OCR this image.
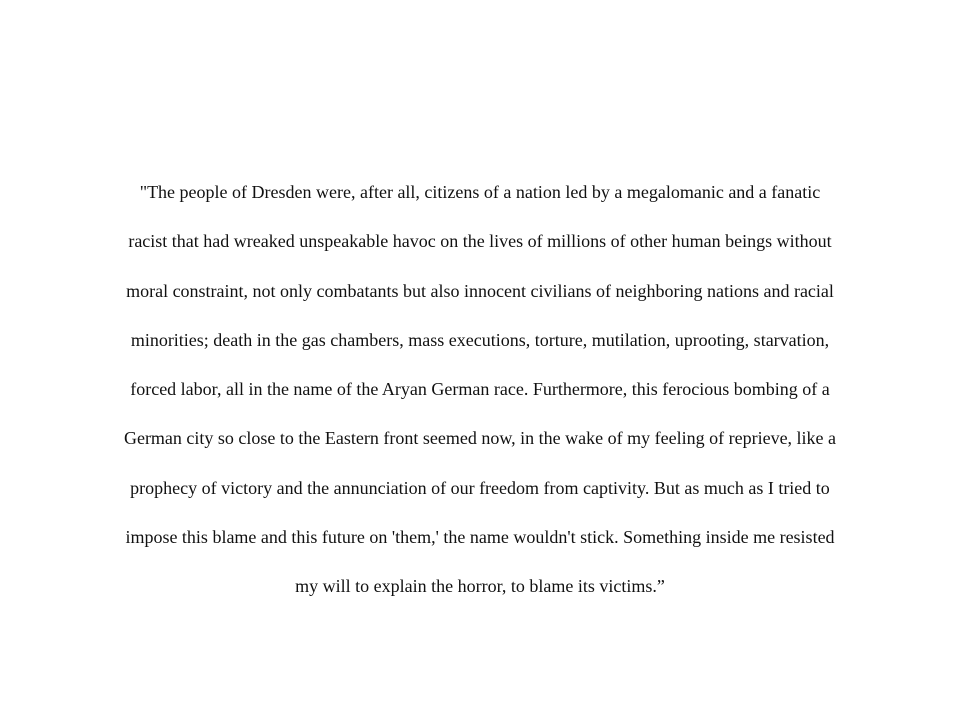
"The people of Dresden were, after all, citizens of a nation led by a megalomanic and a fanatic
racist that had wreaked unspeakable havoc on the lives of millions of other human beings without
moral constraint, not only combatants but also innocent civilians of neighboring nations and racial
minorities; death in the gas chambers, mass executions, torture, mutilation, uprooting, starvation,
forced labor, all in the name of the Aryan German race. Furthermore, this ferocious bombing of a
German city so close to the Eastern front seemed now, in the wake of my feeling of reprieve, like a
prophecy of victory and the annunciation of our freedom from captivity. But as much as I tried to
impose this blame and this future on 'them,' the name wouldn't stick. Something inside me resisted
my will to explain the horror, to blame its victims.”
